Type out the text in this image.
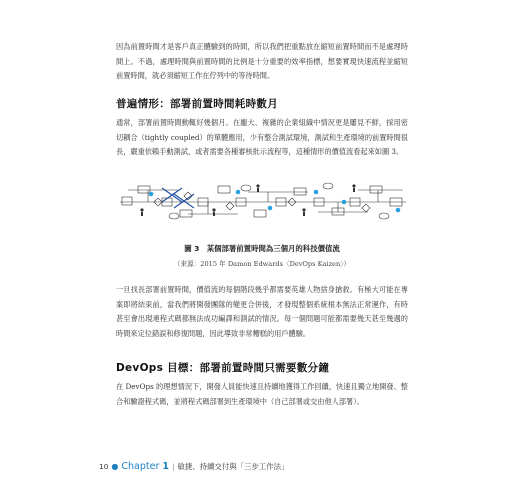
因為前置時間才是客戶真正體驗到的時間，所以我們把重點放在縮短前置時間而不是處理時間上。不過，處理時間與前置時間的比例是十分重要的效率指標，想要實現快速流程並縮短前置時間，就必須縮短工作在佇列中的等待時間。

普遍情形：部署前置時間耗時數月

通常，部署前置時間動輒好幾個月。在龐大、複雜的企業組織中情況更是屢見不鮮，採用密切耦合（tightly coupled）的單體應用，少有整合測試環境，測試和生產環境的前置時間很長，嚴重依賴手動測試，或者需要各種審核批示流程等，這種情形的價值流看起來如圖 3。

圖 3　某個部署前置時間為三個月的科技價值流

（來源：2015 年 Damon Edwards〈DevOps Kaizen〉）

一旦找長部署前置時間，價值流的每個階段幾乎都需要英雄人物捨身搶救。有極大可能在專案即將結束前，當我們將開發團隊的變更合併後，才發現整個系統根本無法正常運作，有時甚至會出現連程式碼都無法成功編譯和測試的情況。每一個問題可能都需要幾天甚至幾週的時間來定位錯誤和修復問題，因此導致非常糟糕的用戶體驗。

DevOps 目標：部署前置時間只需要數分鐘

在 DevOps 的理想情況下，開發人員能快速且持續地獲得工作回饋，快速且獨立地開發、整合和驗證程式碼，並將程式碼部署到生產環境中（自己部署或交由他人部署）。

10 ● Chapter 1 | 敏捷、持續交付與「三步工作法」
